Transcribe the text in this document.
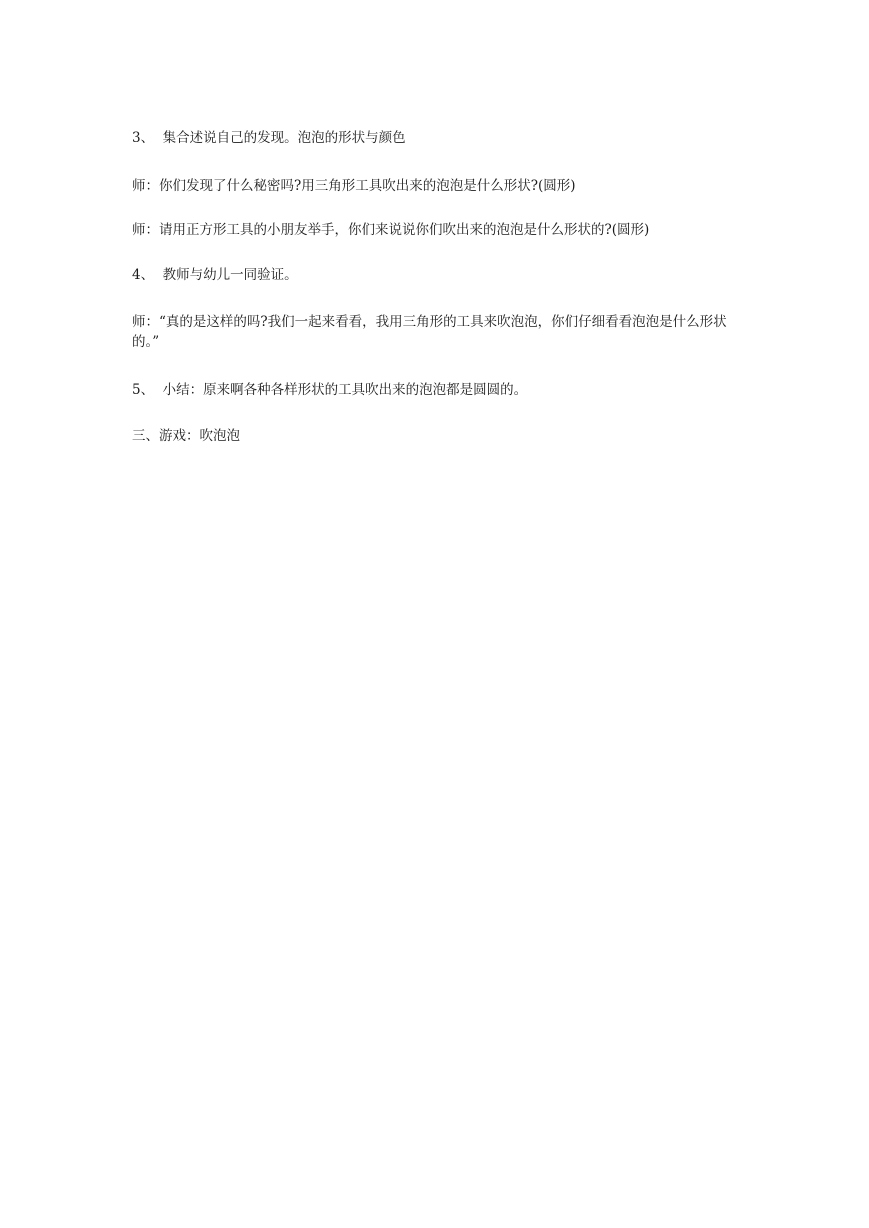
3、  集合述说自己的发现。泡泡的形状与颜色

师：你们发现了什么秘密吗?用三角形工具吹出来的泡泡是什么形状?(圆形)

师：请用正方形工具的小朋友举手，你们来说说你们吹出来的泡泡是什么形状的?(圆形)

4、  教师与幼儿一同验证。

师：“真的是这样的吗?我们一起来看看，我用三角形的工具来吹泡泡，你们仔细看看泡泡是什么形状的。”

5、  小结：原来啊各种各样形状的工具吹出来的泡泡都是圆圆的。

三、游戏：吹泡泡
